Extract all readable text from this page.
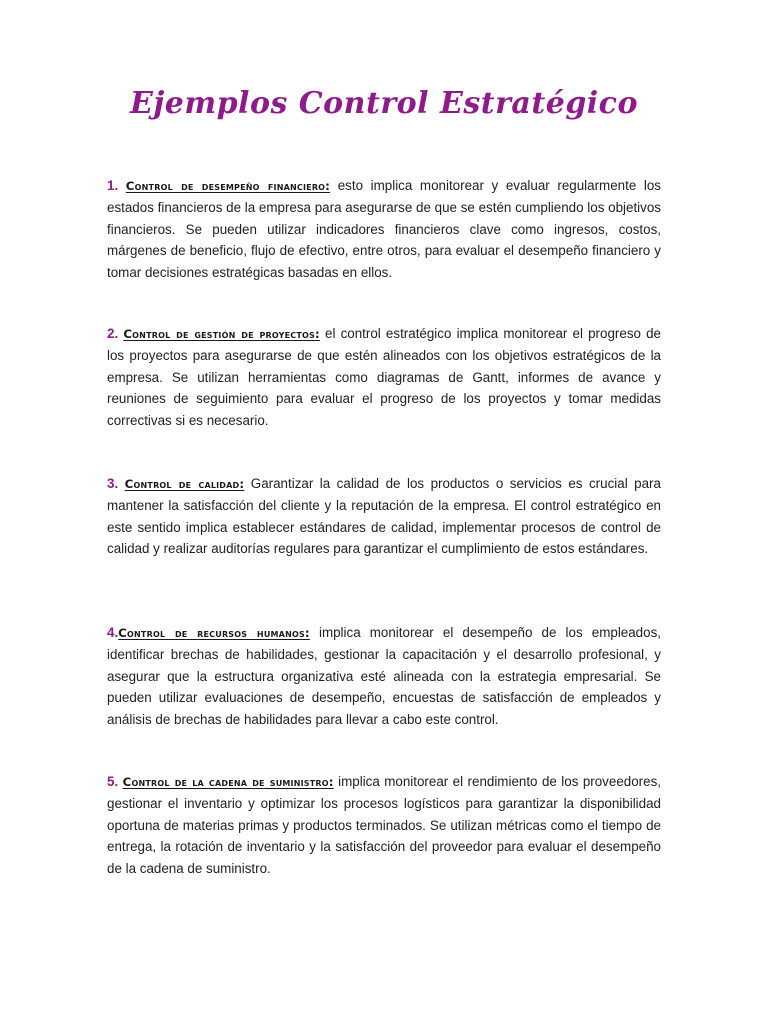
Ejemplos Control Estratégico

1. Control de desempeño financiero: esto implica monitorear y evaluar regularmente los estados financieros de la empresa para asegurarse de que se estén cumpliendo los objetivos financieros. Se pueden utilizar indicadores financieros clave como ingresos, costos, márgenes de beneficio, flujo de efectivo, entre otros, para evaluar el desempeño financiero y tomar decisiones estratégicas basadas en ellos.

2. Control de gestión de proyectos: el control estratégico implica monitorear el progreso de los proyectos para asegurarse de que estén alineados con los objetivos estratégicos de la empresa. Se utilizan herramientas como diagramas de Gantt, informes de avance y reuniones de seguimiento para evaluar el progreso de los proyectos y tomar medidas correctivas si es necesario.

3. Control de calidad: Garantizar la calidad de los productos o servicios es crucial para mantener la satisfacción del cliente y la reputación de la empresa. El control estratégico en este sentido implica establecer estándares de calidad, implementar procesos de control de calidad y realizar auditorías regulares para garantizar el cumplimiento de estos estándares.

4.Control de recursos humanos: implica monitorear el desempeño de los empleados, identificar brechas de habilidades, gestionar la capacitación y el desarrollo profesional, y asegurar que la estructura organizativa esté alineada con la estrategia empresarial. Se pueden utilizar evaluaciones de desempeño, encuestas de satisfacción de empleados y análisis de brechas de habilidades para llevar a cabo este control.

5. Control de la cadena de suministro: implica monitorear el rendimiento de los proveedores, gestionar el inventario y optimizar los procesos logísticos para garantizar la disponibilidad oportuna de materias primas y productos terminados. Se utilizan métricas como el tiempo de entrega, la rotación de inventario y la satisfacción del proveedor para evaluar el desempeño de la cadena de suministro.
